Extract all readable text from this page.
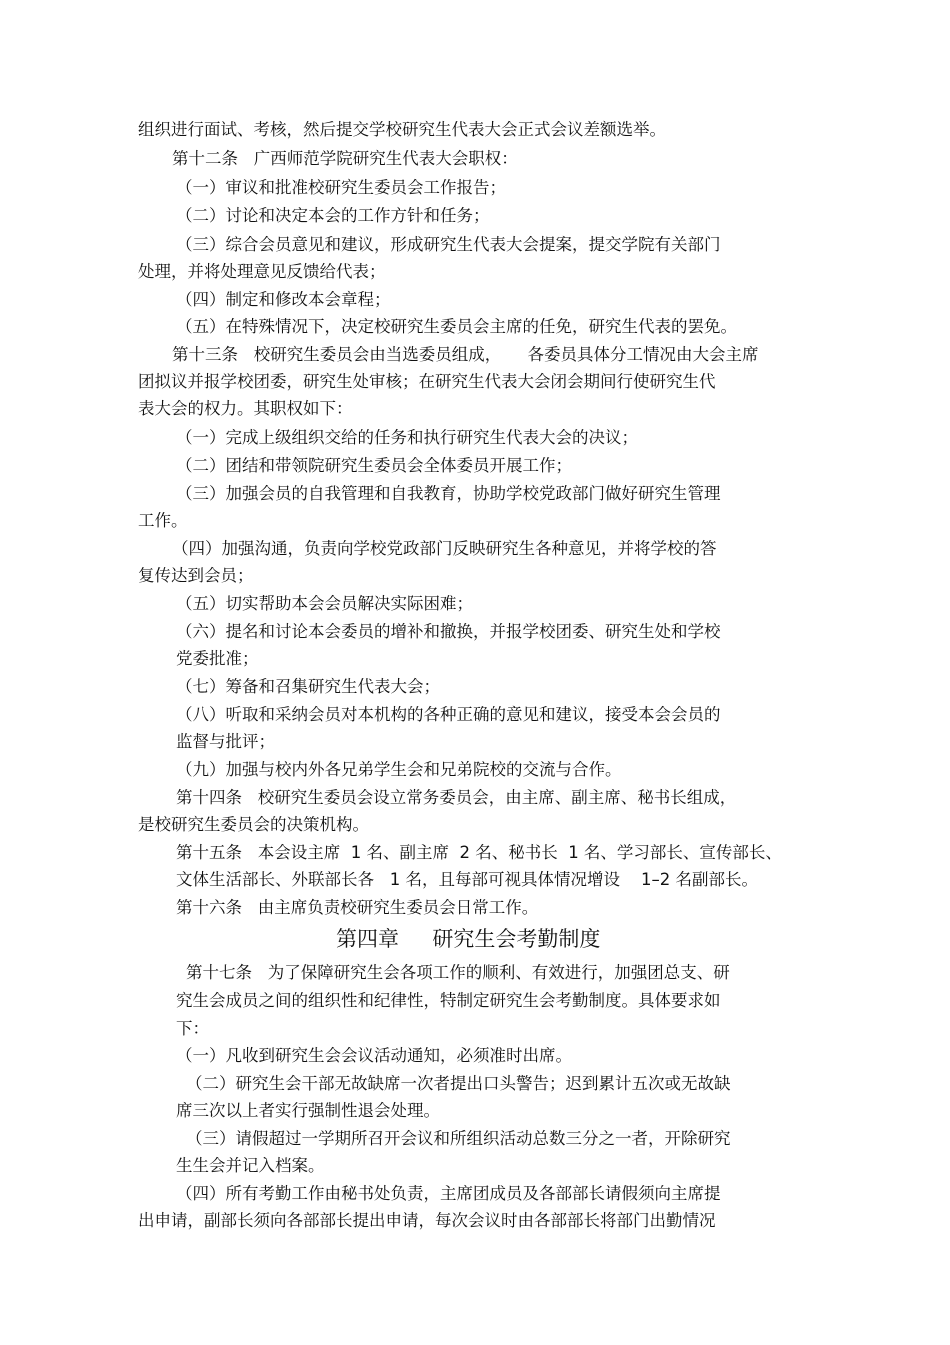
组织进行面试、考核，然后提交学校研究生代表大会正式会议差额选举。

第十二条   广西师范学院研究生代表大会职权：

（一）审议和批准校研究生委员会工作报告；

（二）讨论和决定本会的工作方针和任务；

（三）综合会员意见和建议，形成研究生代表大会提案，提交学院有关部门

处理，并将处理意见反馈给代表；

（四）制定和修改本会章程；

（五）在特殊情况下，决定校研究生委员会主席的任免，研究生代表的罢免。

第十三条   校研究生委员会由当选委员组成，     各委员具体分工情况由大会主席

团拟议并报学校团委，研究生处审核；在研究生代表大会闭会期间行使研究生代

表大会的权力。其职权如下：

（一）完成上级组织交给的任务和执行研究生代表大会的决议；

（二）团结和带领院研究生委员会全体委员开展工作；

（三）加强会员的自我管理和自我教育，协助学校党政部门做好研究生管理

工作。

（四）加强沟通，负责向学校党政部门反映研究生各种意见，并将学校的答

复传达到会员；

（五）切实帮助本会会员解决实际困难；

（六）提名和讨论本会委员的增补和撤换，并报学校团委、研究生处和学校

党委批准；

（七）筹备和召集研究生代表大会；

（八）听取和采纳会员对本机构的各种正确的意见和建议，接受本会会员的

监督与批评；

（九）加强与校内外各兄弟学生会和兄弟院校的交流与合作。

第十四条   校研究生委员会设立常务委员会，由主席、副主席、秘书长组成，

是校研究生委员会的决策机构。

第十五条   本会设主席  1 名、副主席  2 名、秘书长  1 名、学习部长、宣传部长、

文体生活部长、外联部长各   1 名，且每部可视具体情况增设    1–2 名副部长。

第十六条   由主席负责校研究生委员会日常工作。

第四章     研究生会考勤制度

第十七条   为了保障研究生会各项工作的顺利、有效进行，加强团总支、研

究生会成员之间的组织性和纪律性，特制定研究生会考勤制度。具体要求如

下：

（一）凡收到研究生会会议活动通知，必须准时出席。

（二）研究生会干部无故缺席一次者提出口头警告；迟到累计五次或无故缺

席三次以上者实行强制性退会处理。

（三）请假超过一学期所召开会议和所组织活动总数三分之一者，开除研究

生生会并记入档案。

（四）所有考勤工作由秘书处负责，主席团成员及各部部长请假须向主席提

出申请，副部长须向各部部长提出申请，每次会议时由各部部长将部门出勤情况
